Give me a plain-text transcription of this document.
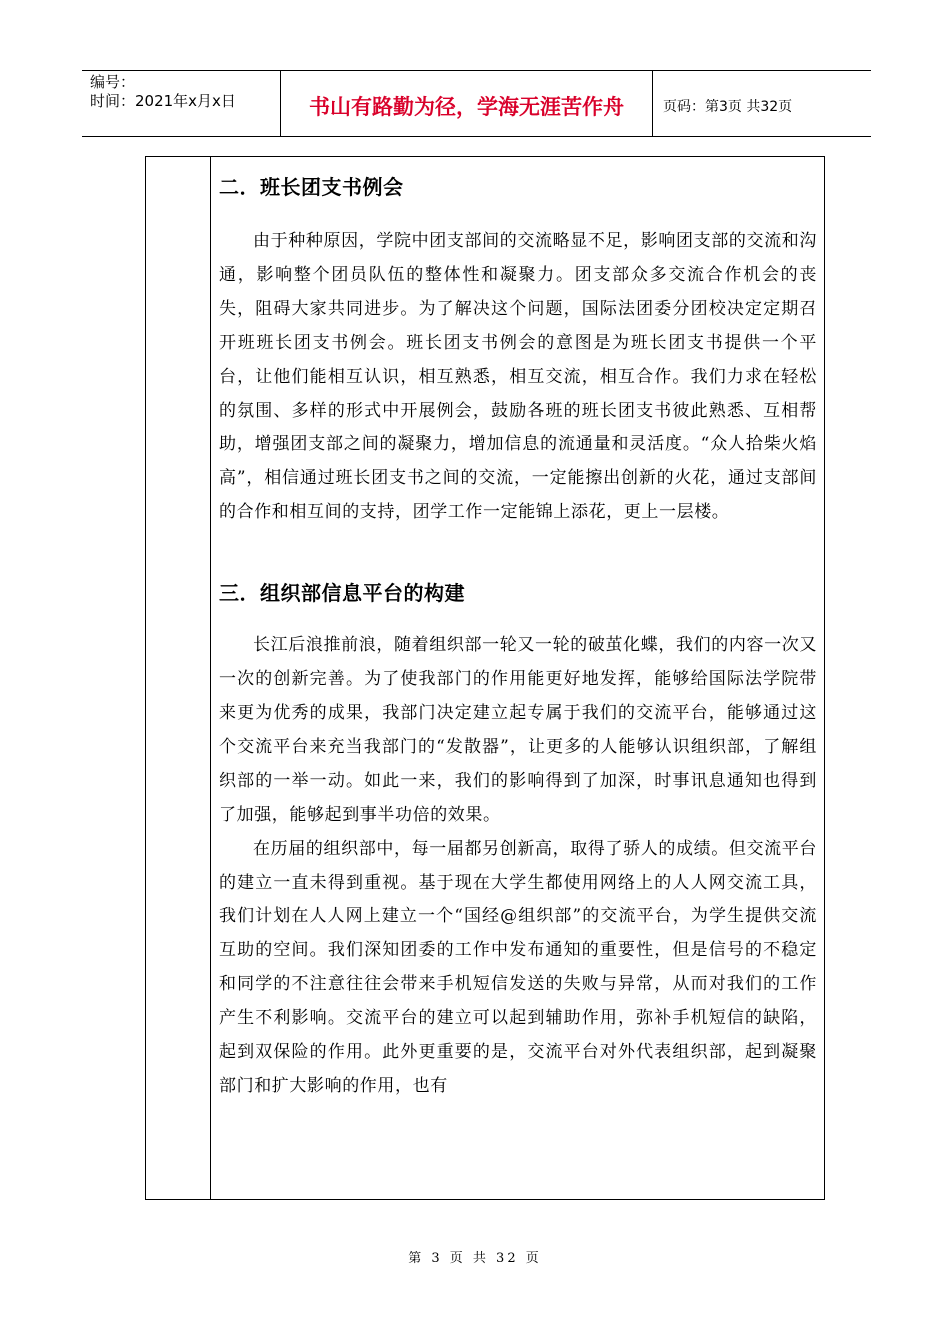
编号：
时间：2021年x月x日	书山有路勤为径，学海无涯苦作舟	页码：第3页 共32页
二．班长团支书例会

由于种种原因，学院中团支部间的交流略显不足，影响团支部的交流和沟通，影响整个团员队伍的整体性和凝聚力。团支部众多交流合作机会的丧失，阻碍大家共同进步。为了解决这个问题，国际法团委分团校决定定期召开班班长团支书例会。班长团支书例会的意图是为班长团支书提供一个平台，让他们能相互认识，相互熟悉，相互交流，相互合作。我们力求在轻松的氛围、多样的形式中开展例会，鼓励各班的班长团支书彼此熟悉、互相帮助，增强团支部之间的凝聚力，增加信息的流通量和灵活度。“众人拾柴火焰高”，相信通过班长团支书之间的交流，一定能擦出创新的火花，通过支部间的合作和相互间的支持，团学工作一定能锦上添花，更上一层楼。

三．组织部信息平台的构建

长江后浪推前浪，随着组织部一轮又一轮的破茧化蝶，我们的内容一次又一次的创新完善。为了使我部门的作用能更好地发挥，能够给国际法学院带来更为优秀的成果，我部门决定建立起专属于我们的交流平台，能够通过这个交流平台来充当我部门的“发散器”，让更多的人能够认识组织部，了解组织部的一举一动。如此一来，我们的影响得到了加深，时事讯息通知也得到了加强，能够起到事半功倍的效果。

在历届的组织部中，每一届都另创新高，取得了骄人的成绩。但交流平台的建立一直未得到重视。基于现在大学生都使用网络上的人人网交流工具，我们计划在人人网上建立一个“国经@组织部”的交流平台，为学生提供交流互助的空间。我们深知团委的工作中发布通知的重要性，但是信号的不稳定和同学的不注意往往会带来手机短信发送的失败与异常，从而对我们的工作产生不利影响。交流平台的建立可以起到辅助作用，弥补手机短信的缺陷，起到双保险的作用。此外更重要的是，交流平台对外代表组织部，起到凝聚部门和扩大影响的作用，也有

第 3 页 共 32 页
